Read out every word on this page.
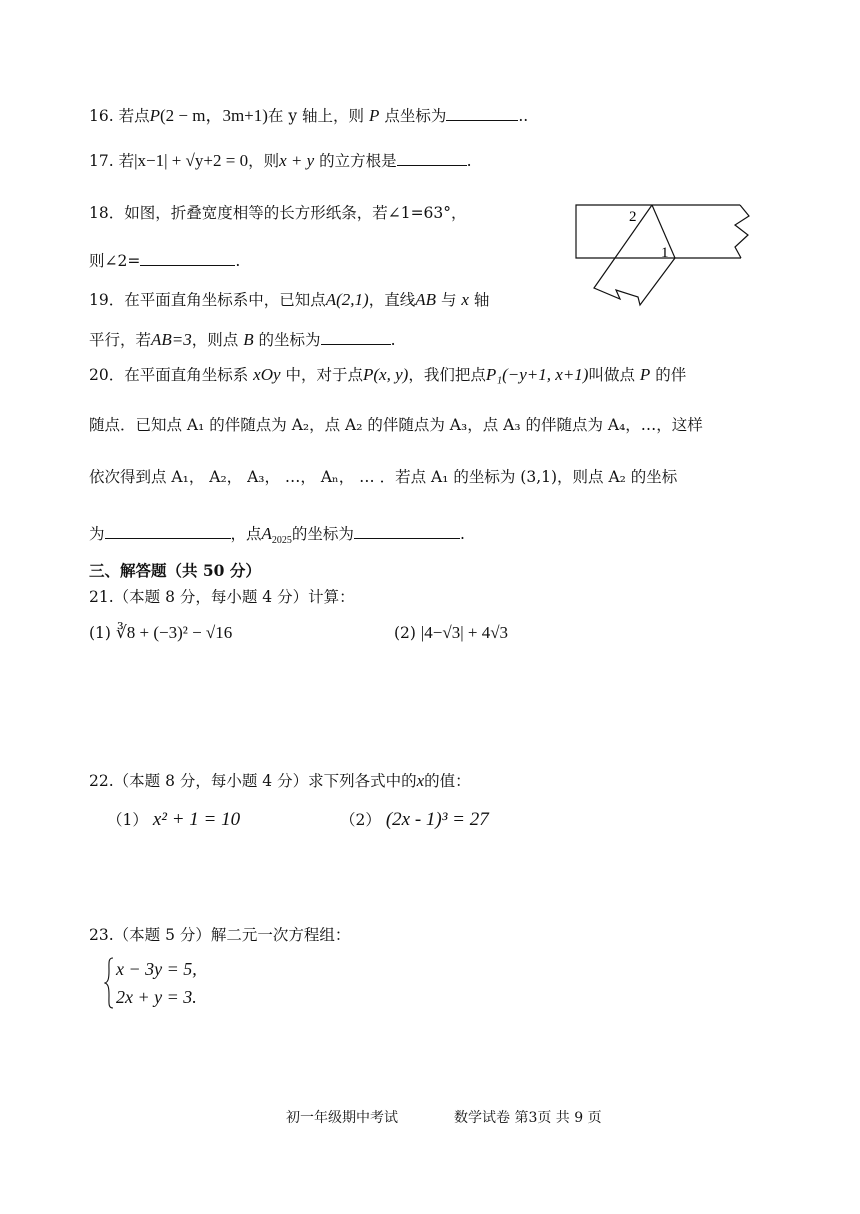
16. 若点P(2 − m，3m+1)在 y 轴上，则 P 点坐标为	..
17. 若|x−1| + √y+2 = 0，则x + y 的立方根是	.
18．如图，折叠宽度相等的长方形纸条，若∠1=63°，
则∠2=	.
2
1
19．在平面直角坐标系中，已知点A(2,1)，直线AB 与 x 轴
平行，若AB=3，则点 B 的坐标为	.
20．在平面直角坐标系 xOy 中，对于点P(x, y)，我们把点P₁(−y+1, x+1)叫做点 P 的伴
随点．已知点 A₁ 的伴随点为 A₂，点 A₂ 的伴随点为 A₃，点 A₃ 的伴随点为 A₄，…，这样
依次得到点 A₁， A₂， A₃， …， Aₙ， … ．若点 A₁ 的坐标为 (3,1)，则点 A₂ 的坐标
为	，点$A_{2025}$的坐标为	.
三、解答题（共 50 分）
21.（本题 8 分，每小题 4 分）计算：
(1) ∛8 + (−3)² − √16	(2) |4−√3| + 4√3
22.（本题 8 分，每小题 4 分）求下列各式中的x的值：
（1） x² + 1 = 10	（2） (2x - 1)³ = 27
23.（本题 5 分）解二元一次方程组：
x − 3y = 5,
2x + y = 3.
初一年级期中考试	数学试卷 第3页 共 9 页
